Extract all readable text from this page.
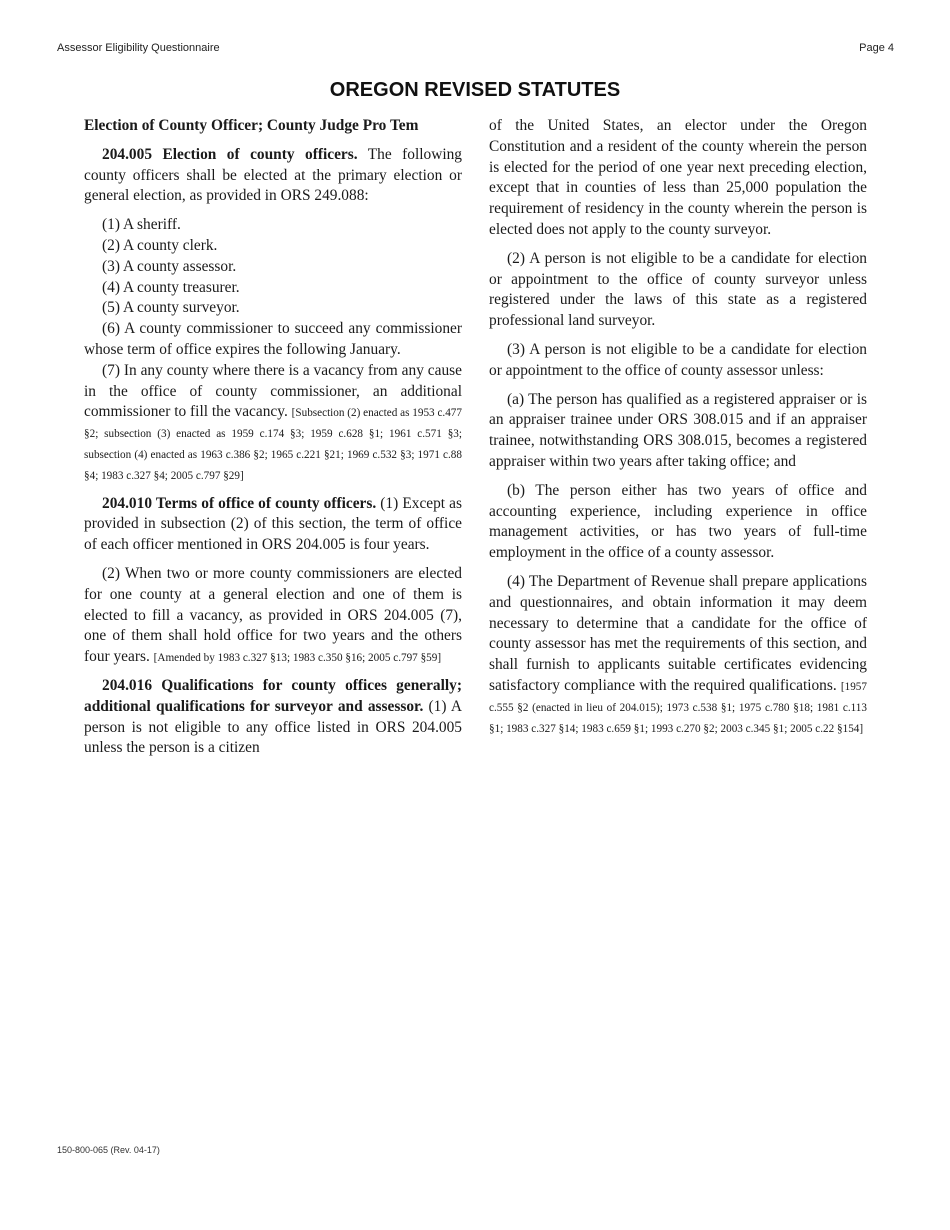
Assessor Eligibility Questionnaire	Page 4
OREGON REVISED STATUTES

Election of County Officer; County Judge Pro Tem

204.005 Election of county officers. The following county officers shall be elected at the primary election or general election, as provided in ORS 249.088:

(1) A sheriff.

(2) A county clerk.

(3) A county assessor.

(4) A county treasurer.

(5) A county surveyor.

(6) A county commissioner to succeed any commissioner whose term of office expires the following January.

(7) In any county where there is a vacancy from any cause in the office of county commissioner, an additional commissioner to fill the vacancy. [Subsection (2) enacted as 1953 c.477 §2; subsection (3) enacted as 1959 c.174 §3; 1959 c.628 §1; 1961 c.571 §3; subsection (4) enacted as 1963 c.386 §2; 1965 c.221 §21; 1969 c.532 §3; 1971 c.88 §4; 1983 c.327 §4; 2005 c.797 §29]

204.010 Terms of office of county officers. (1) Except as provided in subsection (2) of this section, the term of office of each officer mentioned in ORS 204.005 is four years.

(2) When two or more county commissioners are elected for one county at a general election and one of them is elected to fill a vacancy, as provided in ORS 204.005 (7), one of them shall hold office for two years and the others four years. [Amended by 1983 c.327 §13; 1983 c.350 §16; 2005 c.797 §59]

204.016 Qualifications for county offices generally; additional qualifications for surveyor and assessor. (1) A person is not eligible to any office listed in ORS 204.005 unless the person is a citizen

of the United States, an elector under the Oregon Constitution and a resident of the county wherein the person is elected for the period of one year next preceding election, except that in counties of less than 25,000 population the requirement of residency in the county wherein the person is elected does not apply to the county surveyor.

(2) A person is not eligible to be a candidate for election or appointment to the office of county surveyor unless registered under the laws of this state as a registered professional land surveyor.

(3) A person is not eligible to be a candidate for election or appointment to the office of county assessor unless:

(a) The person has qualified as a registered appraiser or is an appraiser trainee under ORS 308.015 and if an appraiser trainee, notwithstanding ORS 308.015, becomes a registered appraiser within two years after taking office; and

(b) The person either has two years of office and accounting experience, including experience in office management activities, or has two years of full-time employment in the office of a county assessor.

(4) The Department of Revenue shall prepare applications and questionnaires, and obtain information it may deem necessary to determine that a candidate for the office of county assessor has met the requirements of this section, and shall furnish to applicants suitable certificates evidencing satisfactory compliance with the required qualifications. [1957 c.555 §2 (enacted in lieu of 204.015); 1973 c.538 §1; 1975 c.780 §18; 1981 c.113 §1; 1983 c.327 §14; 1983 c.659 §1; 1993 c.270 §2; 2003 c.345 §1; 2005 c.22 §154]

150-800-065 (Rev. 04-17)
